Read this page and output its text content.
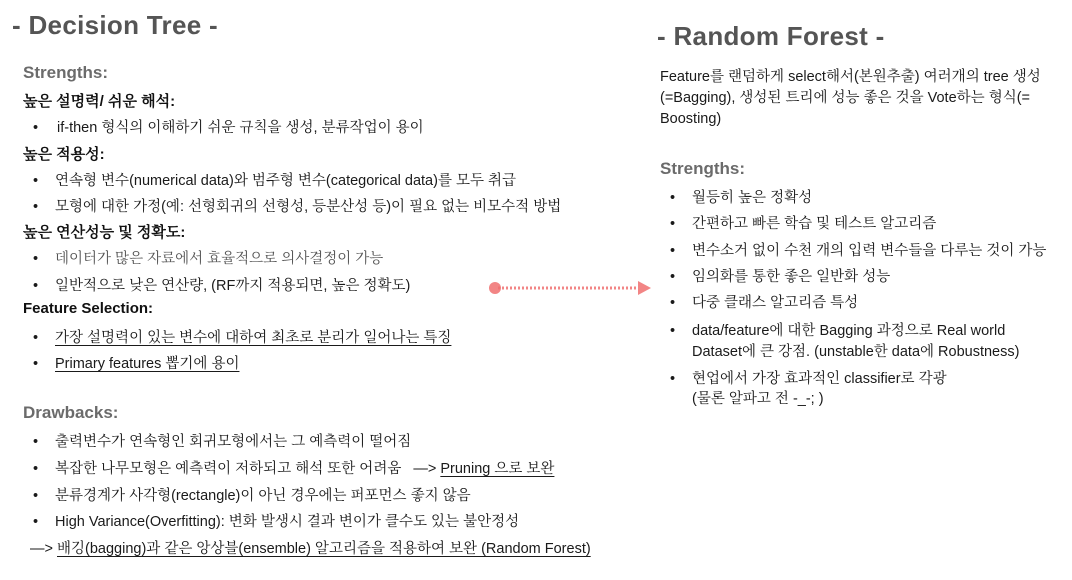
- Decision Tree -
Strengths:
높은 설명력/ 쉬운 해석:
• if-then 형식의 이해하기 쉬운 규칙을 생성, 분류작업이 용이
높은 적용성:
• 연속형 변수(numerical data)와 범주형 변수(categorical data)를 모두 취급
• 모형에 대한 가정(예: 선형회귀의 선형성, 등분산성 등)이 필요 없는 비모수적 방법
높은 연산성능 및 정확도:
• 데이터가 많은 자료에서 효율적으로 의사결정이 가능
• 일반적으로 낮은 연산량, (RF까지 적용되면, 높은 정확도)
Feature Selection:
• 가장 설명력이 있는 변수에 대하여 최초로 분리가 일어나는 특징
• Primary features 뽑기에 용이
Drawbacks:
• 출력변수가 연속형인 회귀모형에서는 그 예측력이 떨어짐
• 복잡한 나무모형은 예측력이 저하되고 해석 또한 어려움 —> Pruning 으로 보완
• 분류경계가 사각형(rectangle)이 아닌 경우에는 퍼포먼스 좋지 않음
• High Variance(Overfitting): 변화 발생시 결과 변이가 클수도 있는 불안정성
—> 배깅(bagging)과 같은 앙상블(ensemble) 알고리즘을 적용하여 보완 (Random Forest)
- Random Forest -
Feature를 랜덤하게 select해서(본원추출) 여러개의 tree 생성(=Bagging), 생성된 트리에 성능 좋은 것을 Vote하는 형식(= Boosting)
Strengths:
• 월등히 높은 정확성
• 간편하고 빠른 학습 및 테스트 알고리즘
• 변수소거 없이 수천 개의 입력 변수들을 다루는 것이 가능
• 임의화를 통한 좋은 일반화 성능
• 다중 클래스 알고리즘 특성
• data/feature에 대한 Bagging 과정으로 Real world
Dataset에 큰 강점. (unstable한 data에 Robustness)
• 현업에서 가장 효과적인 classifier로 각광
(물론 알파고 전 -_-; )
